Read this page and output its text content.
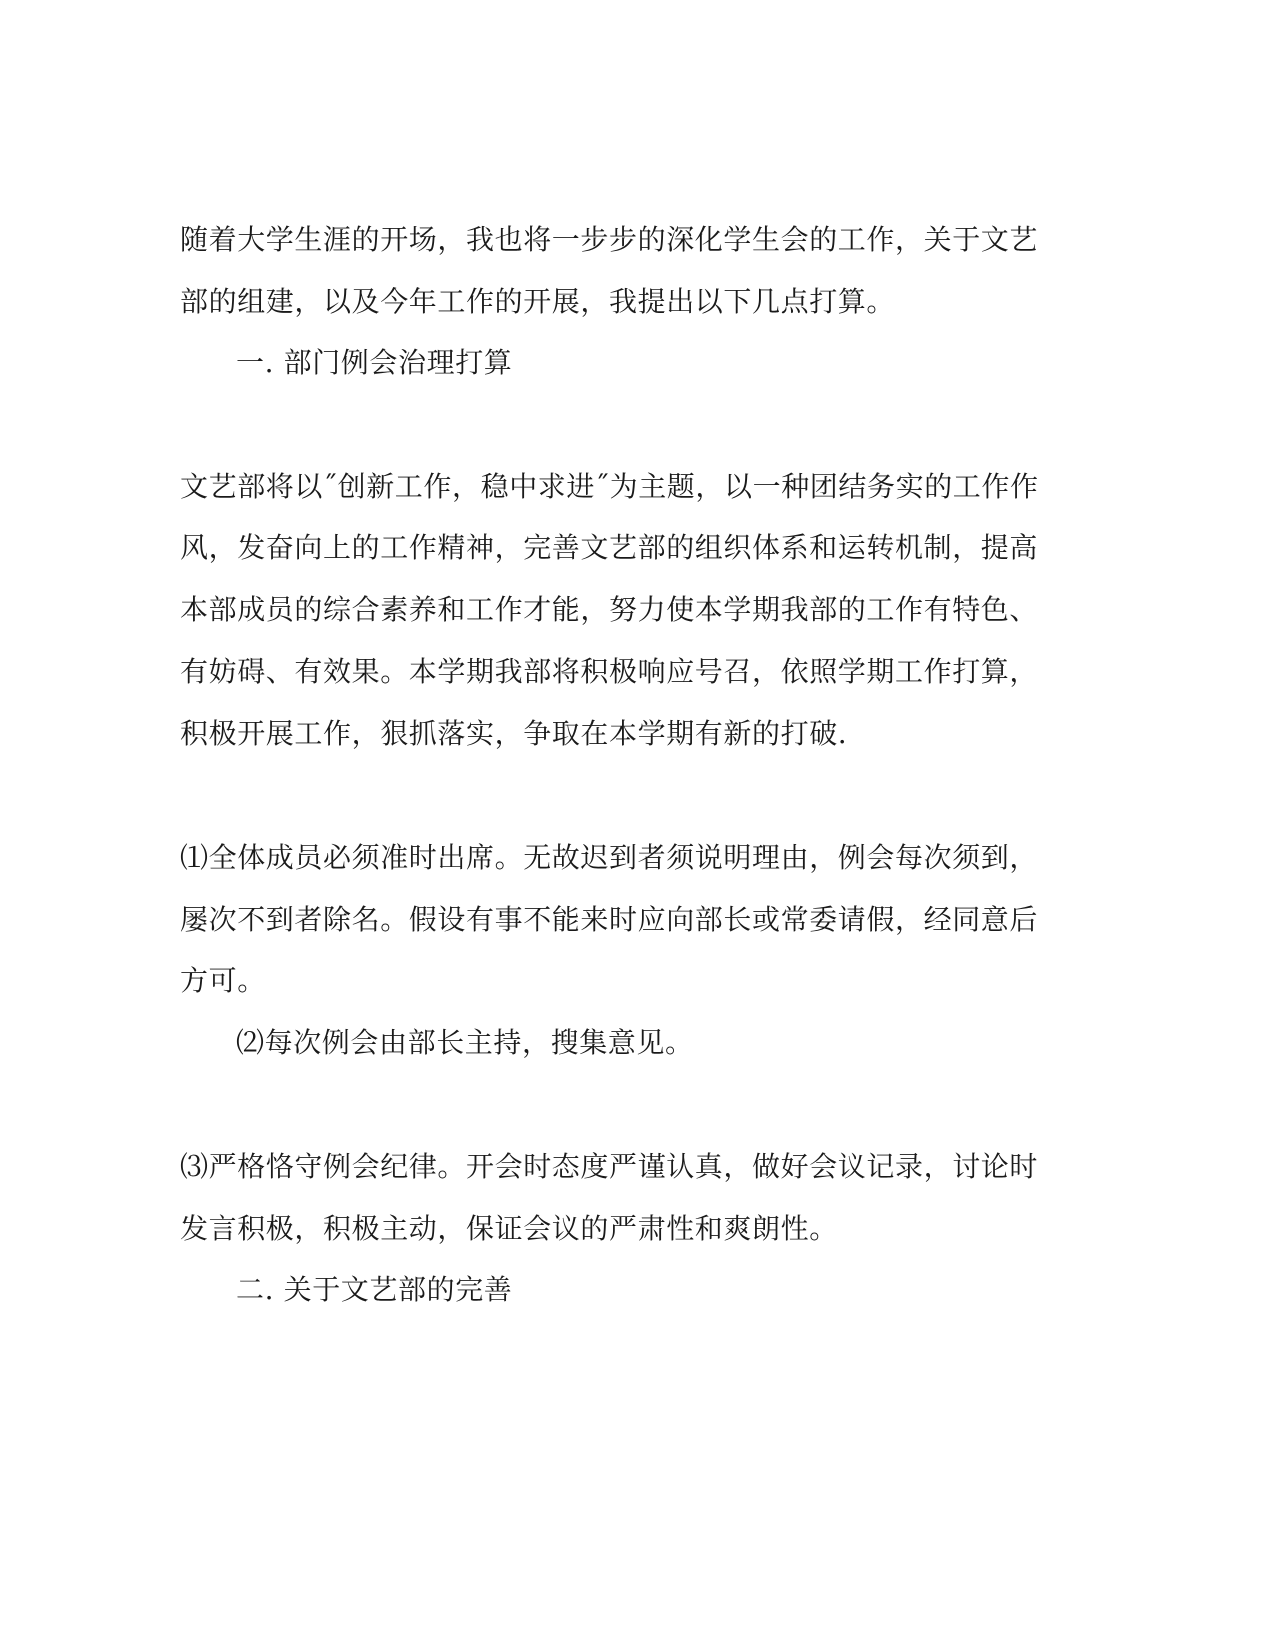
随着大学生涯的开场，我也将一步步的深化学生会的工作，关于文艺
部的组建，以及今年工作的开展，我提出以下几点打算。
一. 部门例会治理打算
文艺部将以˝创新工作，稳中求进˝为主题，以一种团结务实的工作作
风，发奋向上的工作精神，完善文艺部的组织体系和运转机制，提高
本部成员的综合素养和工作才能，努力使本学期我部的工作有特色、
有妨碍、有效果。本学期我部将积极响应号召，依照学期工作打算，
积极开展工作，狠抓落实，争取在本学期有新的打破.
⑴全体成员必须准时出席。无故迟到者须说明理由，例会每次须到，
屡次不到者除名。假设有事不能来时应向部长或常委请假，经同意后
方可。
⑵每次例会由部长主持，搜集意见。
⑶严格恪守例会纪律。开会时态度严谨认真，做好会议记录，讨论时
发言积极，积极主动，保证会议的严肃性和爽朗性。
二. 关于文艺部的完善
